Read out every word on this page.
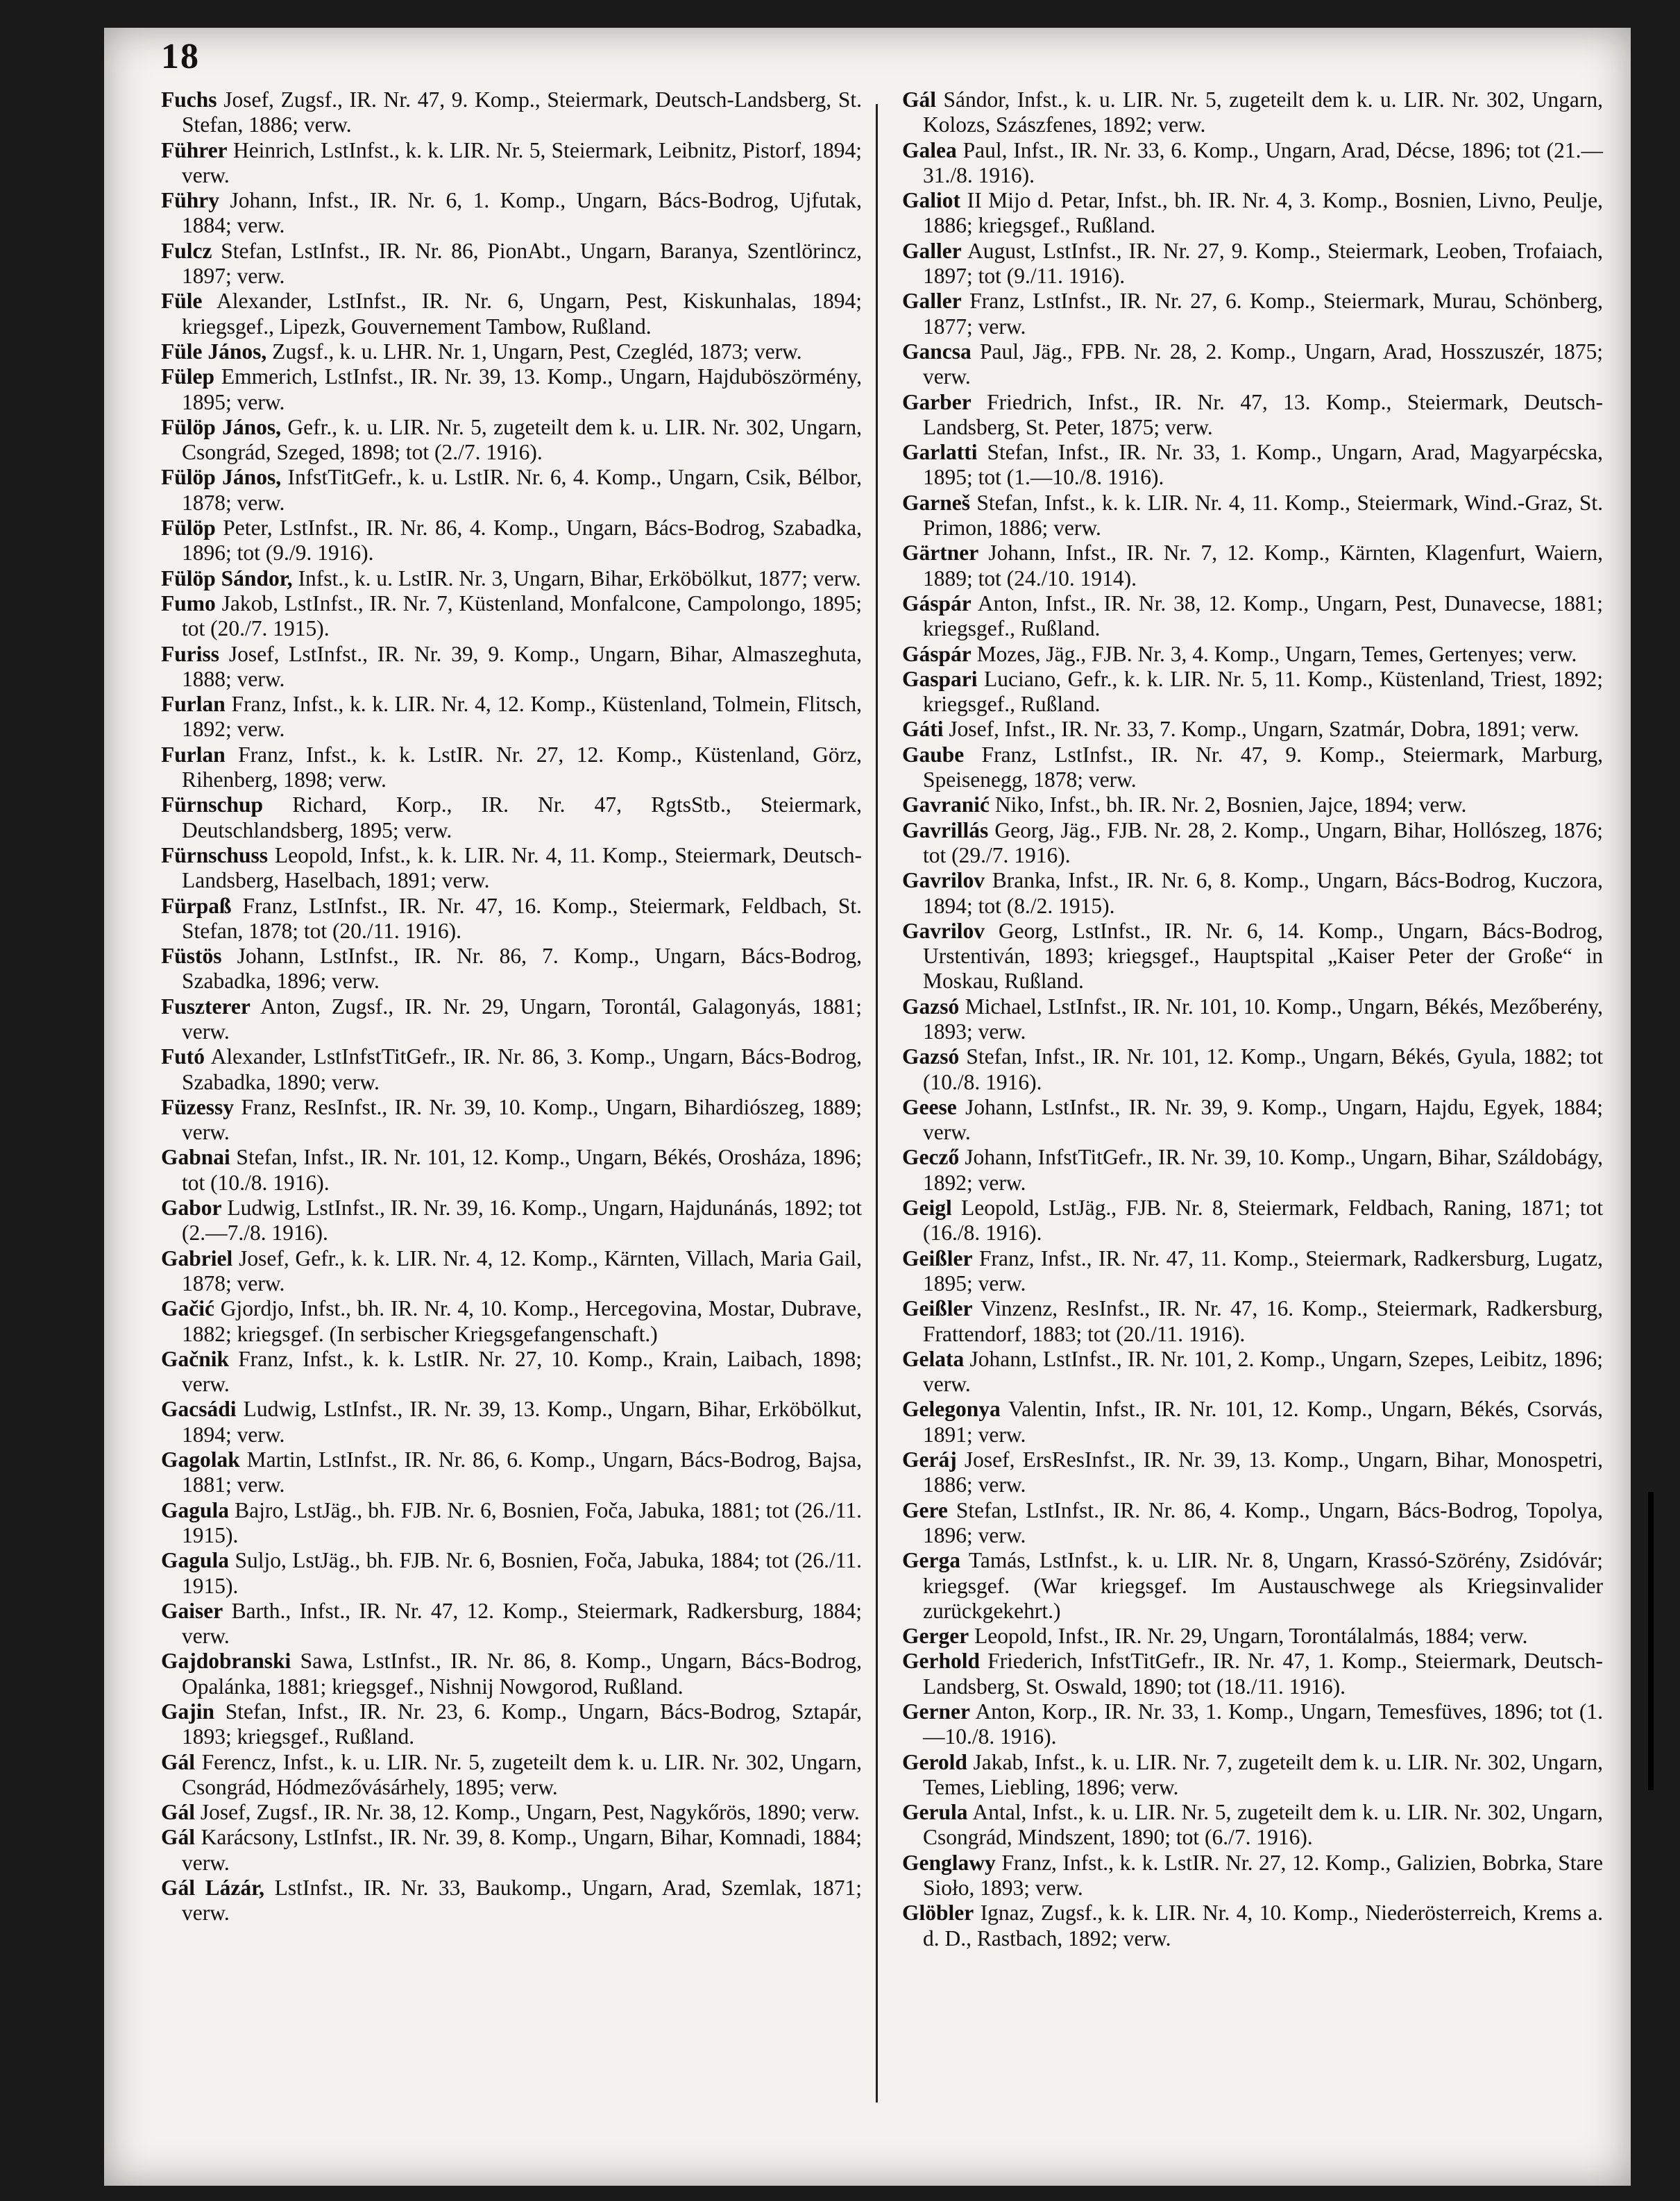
18

Fuchs Josef, Zugsf., IR. Nr. 47, 9. Komp., Steiermark, Deutsch-Landsberg, St. Stefan, 1886; verw.

Führer Heinrich, LstInfst., k. k. LIR. Nr. 5, Steiermark, Leibnitz, Pistorf, 1894; verw.

Führy Johann, Infst., IR. Nr. 6, 1. Komp., Ungarn, Bács-Bodrog, Ujfutak, 1884; verw.

Fulcz Stefan, LstInfst., IR. Nr. 86, PionAbt., Ungarn, Baranya, Szentlörincz, 1897; verw.

Füle Alexander, LstInfst., IR. Nr. 6, Ungarn, Pest, Kiskunhalas, 1894; kriegsgef., Lipezk, Gouvernement Tambow, Rußland.

Füle János, Zugsf., k. u. LHR. Nr. 1, Ungarn, Pest, Czegléd, 1873; verw.

Fülep Emmerich, LstInfst., IR. Nr. 39, 13. Komp., Ungarn, Hajduböszörmény, 1895; verw.

Fülöp János, Gefr., k. u. LIR. Nr. 5, zugeteilt dem k. u. LIR. Nr. 302, Ungarn, Csongrád, Szeged, 1898; tot (2./7. 1916).

Fülöp János, InfstTitGefr., k. u. LstIR. Nr. 6, 4. Komp., Ungarn, Csik, Bélbor, 1878; verw.

Fülöp Peter, LstInfst., IR. Nr. 86, 4. Komp., Ungarn, Bács-Bodrog, Szabadka, 1896; tot (9./9. 1916).

Fülöp Sándor, Infst., k. u. LstIR. Nr. 3, Ungarn, Bihar, Erköbölkut, 1877; verw.

Fumo Jakob, LstInfst., IR. Nr. 7, Küstenland, Monfalcone, Campolongo, 1895; tot (20./7. 1915).

Furiss Josef, LstInfst., IR. Nr. 39, 9. Komp., Ungarn, Bihar, Almaszeghuta, 1888; verw.

Furlan Franz, Infst., k. k. LIR. Nr. 4, 12. Komp., Küstenland, Tolmein, Flitsch, 1892; verw.

Furlan Franz, Infst., k. k. LstIR. Nr. 27, 12. Komp., Küstenland, Görz, Rihenberg, 1898; verw.

Fürnschup Richard, Korp., IR. Nr. 47, RgtsStb., Steiermark, Deutschlandsberg, 1895; verw.

Fürnschuss Leopold, Infst., k. k. LIR. Nr. 4, 11. Komp., Steiermark, Deutsch-Landsberg, Haselbach, 1891; verw.

Fürpaß Franz, LstInfst., IR. Nr. 47, 16. Komp., Steiermark, Feldbach, St. Stefan, 1878; tot (20./11. 1916).

Füstös Johann, LstInfst., IR. Nr. 86, 7. Komp., Ungarn, Bács-Bodrog, Szabadka, 1896; verw.

Fuszterer Anton, Zugsf., IR. Nr. 29, Ungarn, Torontál, Galagonyás, 1881; verw.

Futó Alexander, LstInfstTitGefr., IR. Nr. 86, 3. Komp., Ungarn, Bács-Bodrog, Szabadka, 1890; verw.

Füzessy Franz, ResInfst., IR. Nr. 39, 10. Komp., Ungarn, Bihardiószeg, 1889; verw.

Gabnai Stefan, Infst., IR. Nr. 101, 12. Komp., Ungarn, Békés, Orosháza, 1896; tot (10./8. 1916).

Gabor Ludwig, LstInfst., IR. Nr. 39, 16. Komp., Ungarn, Hajdunánás, 1892; tot (2.—7./8. 1916).

Gabriel Josef, Gefr., k. k. LIR. Nr. 4, 12. Komp., Kärnten, Villach, Maria Gail, 1878; verw.

Gačić Gjordjo, Infst., bh. IR. Nr. 4, 10. Komp., Hercegovina, Mostar, Dubrave, 1882; kriegsgef. (In serbischer Kriegsgefangenschaft.)

Gačnik Franz, Infst., k. k. LstIR. Nr. 27, 10. Komp., Krain, Laibach, 1898; verw.

Gacsádi Ludwig, LstInfst., IR. Nr. 39, 13. Komp., Ungarn, Bihar, Erköbölkut, 1894; verw.

Gagolak Martin, LstInfst., IR. Nr. 86, 6. Komp., Ungarn, Bács-Bodrog, Bajsa, 1881; verw.

Gagula Bajro, LstJäg., bh. FJB. Nr. 6, Bosnien, Foča, Jabuka, 1881; tot (26./11. 1915).

Gagula Suljo, LstJäg., bh. FJB. Nr. 6, Bosnien, Foča, Jabuka, 1884; tot (26./11. 1915).

Gaiser Barth., Infst., IR. Nr. 47, 12. Komp., Steiermark, Radkersburg, 1884; verw.

Gajdobranski Sawa, LstInfst., IR. Nr. 86, 8. Komp., Ungarn, Bács-Bodrog, Opalánka, 1881; kriegsgef., Nishnij Nowgorod, Rußland.

Gajin Stefan, Infst., IR. Nr. 23, 6. Komp., Ungarn, Bács-Bodrog, Sztapár, 1893; kriegsgef., Rußland.

Gál Ferencz, Infst., k. u. LIR. Nr. 5, zugeteilt dem k. u. LIR. Nr. 302, Ungarn, Csongrád, Hódmezővásárhely, 1895; verw.

Gál Josef, Zugsf., IR. Nr. 38, 12. Komp., Ungarn, Pest, Nagykőrös, 1890; verw.

Gál Karácsony, LstInfst., IR. Nr. 39, 8. Komp., Ungarn, Bihar, Komnadi, 1884; verw.

Gál Lázár, LstInfst., IR. Nr. 33, Baukomp., Ungarn, Arad, Szemlak, 1871; verw.

Gál Sándor, Infst., k. u. LIR. Nr. 5, zugeteilt dem k. u. LIR. Nr. 302, Ungarn, Kolozs, Szászfenes, 1892; verw.

Galea Paul, Infst., IR. Nr. 33, 6. Komp., Ungarn, Arad, Décse, 1896; tot (21.—31./8. 1916).

Galiot II Mijo d. Petar, Infst., bh. IR. Nr. 4, 3. Komp., Bosnien, Livno, Peulje, 1886; kriegsgef., Rußland.

Galler August, LstInfst., IR. Nr. 27, 9. Komp., Steiermark, Leoben, Trofaiach, 1897; tot (9./11. 1916).

Galler Franz, LstInfst., IR. Nr. 27, 6. Komp., Steiermark, Murau, Schönberg, 1877; verw.

Gancsa Paul, Jäg., FPB. Nr. 28, 2. Komp., Ungarn, Arad, Hosszuszér, 1875; verw.

Garber Friedrich, Infst., IR. Nr. 47, 13. Komp., Steiermark, Deutsch-Landsberg, St. Peter, 1875; verw.

Garlatti Stefan, Infst., IR. Nr. 33, 1. Komp., Ungarn, Arad, Magyarpécska, 1895; tot (1.—10./8. 1916).

Garneš Stefan, Infst., k. k. LIR. Nr. 4, 11. Komp., Steiermark, Wind.-Graz, St. Primon, 1886; verw.

Gärtner Johann, Infst., IR. Nr. 7, 12. Komp., Kärnten, Klagenfurt, Waiern, 1889; tot (24./10. 1914).

Gáspár Anton, Infst., IR. Nr. 38, 12. Komp., Ungarn, Pest, Dunavecse, 1881; kriegsgef., Rußland.

Gáspár Mozes, Jäg., FJB. Nr. 3, 4. Komp., Ungarn, Temes, Gertenyes; verw.

Gaspari Luciano, Gefr., k. k. LIR. Nr. 5, 11. Komp., Küstenland, Triest, 1892; kriegsgef., Rußland.

Gáti Josef, Infst., IR. Nr. 33, 7. Komp., Ungarn, Szatmár, Dobra, 1891; verw.

Gaube Franz, LstInfst., IR. Nr. 47, 9. Komp., Steiermark, Marburg, Speisenegg, 1878; verw.

Gavranić Niko, Infst., bh. IR. Nr. 2, Bosnien, Jajce, 1894; verw.

Gavrillás Georg, Jäg., FJB. Nr. 28, 2. Komp., Ungarn, Bihar, Hollószeg, 1876; tot (29./7. 1916).

Gavrilov Branka, Infst., IR. Nr. 6, 8. Komp., Ungarn, Bács-Bodrog, Kuczora, 1894; tot (8./2. 1915).

Gavrilov Georg, LstInfst., IR. Nr. 6, 14. Komp., Ungarn, Bács-Bodrog, Urstentiván, 1893; kriegsgef., Hauptspital „Kaiser Peter der Große“ in Moskau, Rußland.

Gazsó Michael, LstInfst., IR. Nr. 101, 10. Komp., Ungarn, Békés, Mezőberény, 1893; verw.

Gazsó Stefan, Infst., IR. Nr. 101, 12. Komp., Ungarn, Békés, Gyula, 1882; tot (10./8. 1916).

Geese Johann, LstInfst., IR. Nr. 39, 9. Komp., Ungarn, Hajdu, Egyek, 1884; verw.

Gecző Johann, InfstTitGefr., IR. Nr. 39, 10. Komp., Ungarn, Bihar, Száldobágy, 1892; verw.

Geigl Leopold, LstJäg., FJB. Nr. 8, Steiermark, Feldbach, Raning, 1871; tot (16./8. 1916).

Geißler Franz, Infst., IR. Nr. 47, 11. Komp., Steiermark, Radkersburg, Lugatz, 1895; verw.

Geißler Vinzenz, ResInfst., IR. Nr. 47, 16. Komp., Steiermark, Radkersburg, Frattendorf, 1883; tot (20./11. 1916).

Gelata Johann, LstInfst., IR. Nr. 101, 2. Komp., Ungarn, Szepes, Leibitz, 1896; verw.

Gelegonya Valentin, Infst., IR. Nr. 101, 12. Komp., Ungarn, Békés, Csorvás, 1891; verw.

Geráj Josef, ErsResInfst., IR. Nr. 39, 13. Komp., Ungarn, Bihar, Monospetri, 1886; verw.

Gere Stefan, LstInfst., IR. Nr. 86, 4. Komp., Ungarn, Bács-Bodrog, Topolya, 1896; verw.

Gerga Tamás, LstInfst., k. u. LIR. Nr. 8, Ungarn, Krassó-Szörény, Zsidóvár; kriegsgef. (War kriegsgef. Im Austauschwege als Kriegsinvalider zurückgekehrt.)

Gerger Leopold, Infst., IR. Nr. 29, Ungarn, Torontálalmás, 1884; verw.

Gerhold Friederich, InfstTitGefr., IR. Nr. 47, 1. Komp., Steiermark, Deutsch-Landsberg, St. Oswald, 1890; tot (18./11. 1916).

Gerner Anton, Korp., IR. Nr. 33, 1. Komp., Ungarn, Temesfüves, 1896; tot (1.—10./8. 1916).

Gerold Jakab, Infst., k. u. LIR. Nr. 7, zugeteilt dem k. u. LIR. Nr. 302, Ungarn, Temes, Liebling, 1896; verw.

Gerula Antal, Infst., k. u. LIR. Nr. 5, zugeteilt dem k. u. LIR. Nr. 302, Ungarn, Csongrád, Mindszent, 1890; tot (6./7. 1916).

Genglawy Franz, Infst., k. k. LstIR. Nr. 27, 12. Komp., Galizien, Bobrka, Stare Sioło, 1893; verw.

Glöbler Ignaz, Zugsf., k. k. LIR. Nr. 4, 10. Komp., Niederösterreich, Krems a. d. D., Rastbach, 1892; verw.
